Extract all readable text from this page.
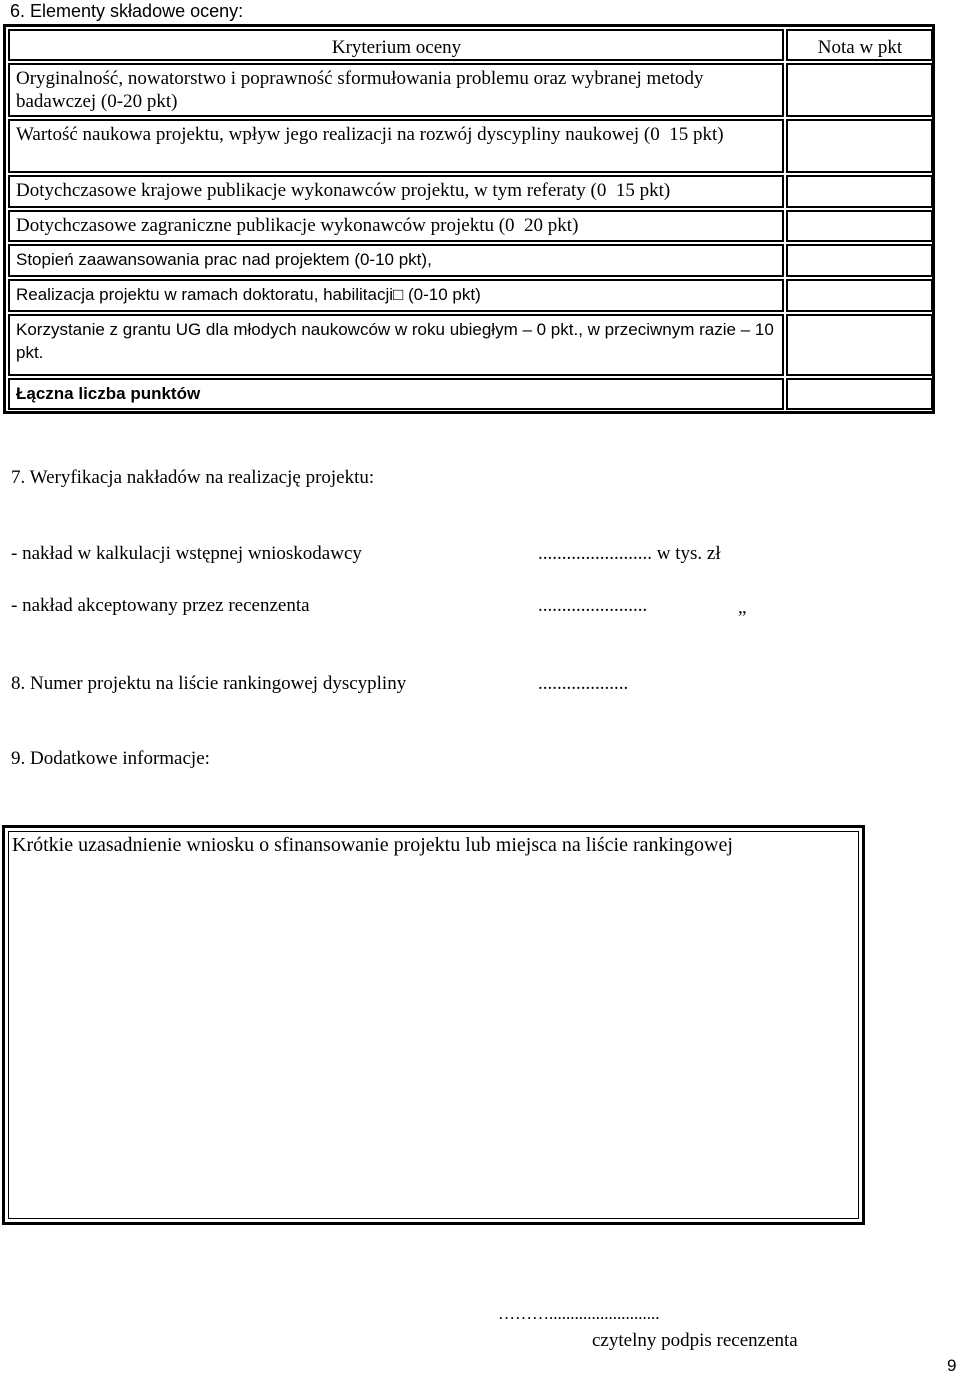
6. Elementy składowe oceny:
Kryterium oceny	Nota w pkt
Oryginalność, nowatorstwo i poprawność sformułowania problemu oraz wybranej metody badawczej (0-20 pkt)
Wartość naukowa projektu, wpływ jego realizacji na rozwój dyscypliny naukowej (0  15 pkt)
Dotychczasowe krajowe publikacje wykonawców projektu, w tym referaty (0  15 pkt)
Dotychczasowe zagraniczne publikacje wykonawców projektu (0  20 pkt)
Stopień zaawansowania prac nad projektem (0-10 pkt),
Realizacja projektu w ramach doktoratu, habilitacji□ (0-10 pkt)
Korzystanie z grantu UG dla młodych naukowców w roku ubiegłym – 0 pkt., w przeciwnym razie – 10 pkt.
Łączna liczba punktów
7. Weryfikacja nakładów na realizację projektu:
- nakład w kalkulacji wstępnej wnioskodawcy	........................ w tys. zł
- nakład akceptowany przez recenzenta	.......................	„
8. Numer projektu na liście rankingowej dyscypliny	...................
9. Dodatkowe informacje:
Krótkie uzasadnienie wniosku o sfinansowanie projektu lub miejsca na liście rankingowej
………..........................
czytelny podpis recenzenta
9
